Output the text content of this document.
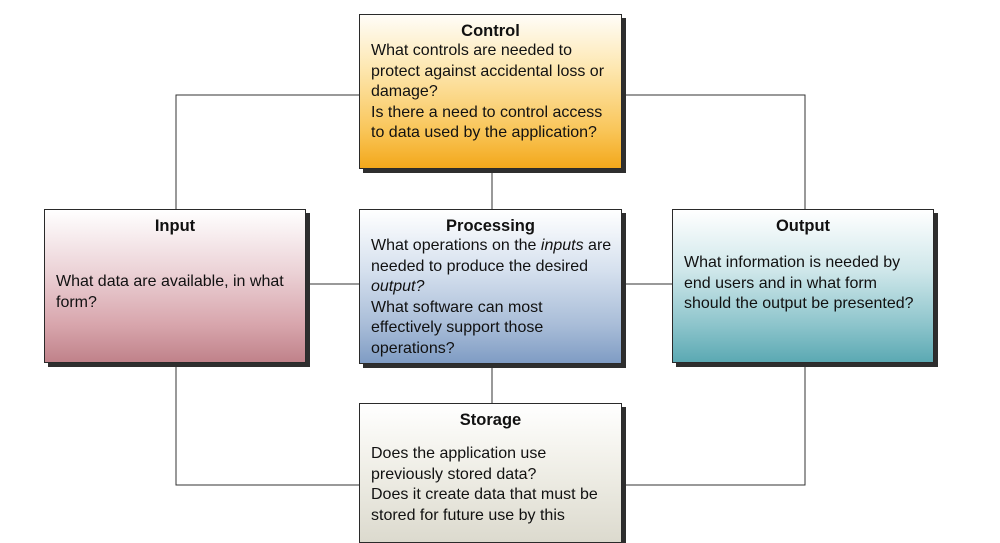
Control

What controls are needed to protect against accidental loss or damage?

Is there a need to control access to data used by the application?

Input

What data are available, in what form?

Processing

What operations on the inputs are needed to produce the desired output?

What software can most effectively support those operations?

Output

What information is needed by end users and in what form should the output be presented?

Storage

Does the application use previously stored data?

Does it create data that must be stored for future use by this
